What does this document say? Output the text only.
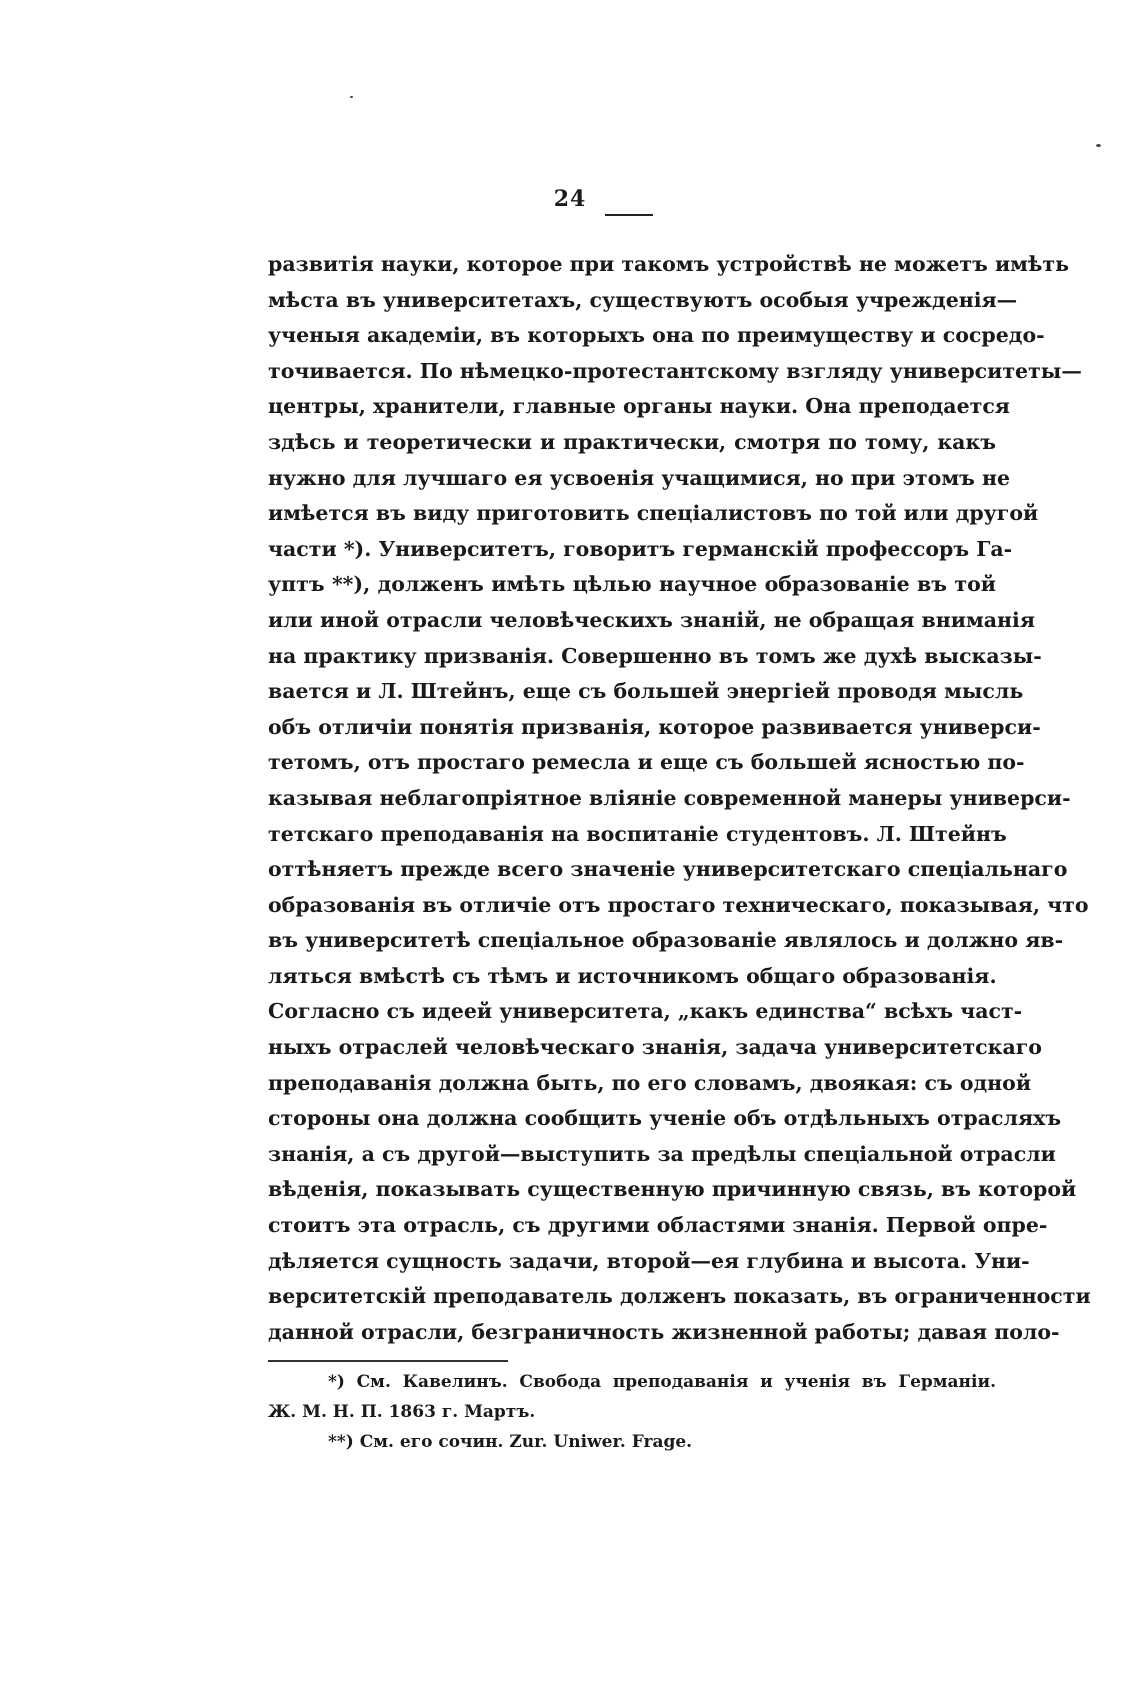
24
развитія науки, которое при такомъ устройствѣ не можетъ имѣть
мѣста въ университетахъ, существуютъ особыя учрежденія—
ученыя академіи, въ которыхъ она по преимуществу и сосредо-
точивается. По нѣмецко-протестантскому взгляду университеты—
центры, хранители, главные органы науки. Она преподается
здѣсь и теоретически и практически, смотря по тому, какъ
нужно для лучшаго ея усвоенія учащимися, но при этомъ не
имѣется въ виду приготовить спеціалистовъ по той или другой
части *). Университетъ, говоритъ германскій профессоръ Га-
уптъ **), долженъ имѣть цѣлью научное образованіе въ той
или иной отрасли человѣческихъ знаній, не обращая вниманія
на практику призванія. Совершенно въ томъ же духѣ высказы-
вается и Л. Штейнъ, еще съ большей энергіей проводя мысль
объ отличіи понятія призванія, которое развивается универси-
тетомъ, отъ простаго ремесла и еще съ большей ясностью по-
казывая неблагопріятное вліяніе современной манеры универси-
тетскаго преподаванія на воспитаніе студентовъ. Л. Штейнъ
оттѣняетъ прежде всего значеніе университетскаго спеціальнаго
образованія въ отличіе отъ простаго техническаго, показывая, что
въ университетѣ спеціальное образованіе являлось и должно яв-
ляться вмѣстѣ съ тѣмъ и источникомъ общаго образованія.
Согласно съ идеей университета, „какъ единства“ всѣхъ част-
ныхъ отраслей человѣческаго знанія, задача университетскаго
преподаванія должна быть, по его словамъ, двоякая: съ одной
стороны она должна сообщить ученіе объ отдѣльныхъ отрасляхъ
знанія, а съ другой—выступить за предѣлы спеціальной отрасли
вѣденія, показывать существенную причинную связь, въ которой
стоитъ эта отрасль, съ другими областями знанія. Первой опре-
дѣляется сущность задачи, второй—ея глубина и высота. Уни-
верситетскій преподаватель долженъ показать, въ ограниченности
данной отрасли, безграничность жизненной работы; давая поло-
*) См. Кавелинъ. Свобода преподаванія и ученія въ Германіи.
Ж. М. Н. П. 1863 г. Мартъ.
**) См. его сочин. Zur. Uniwer. Frage.
